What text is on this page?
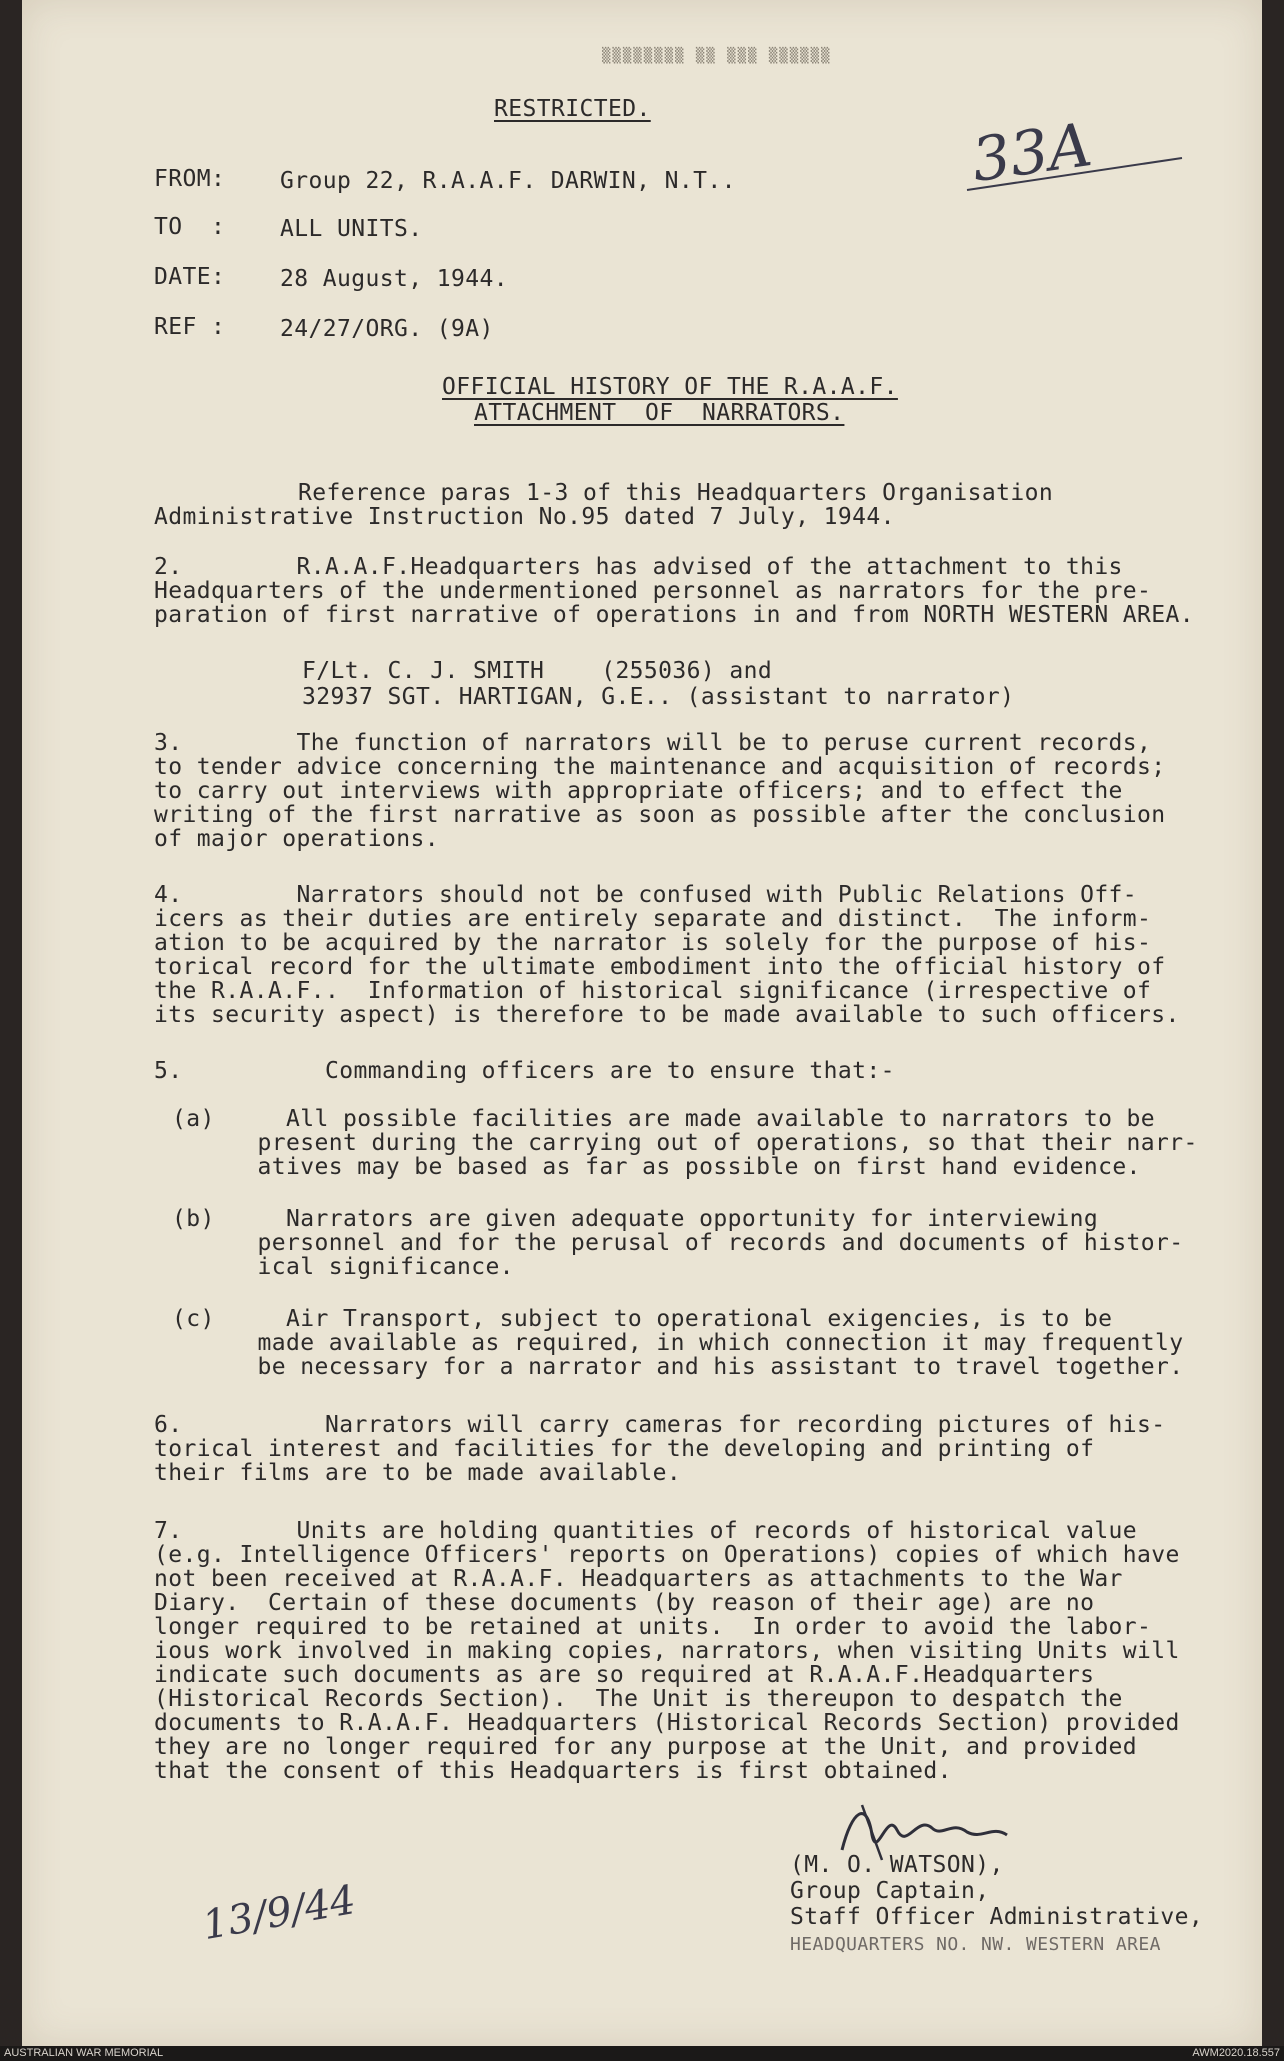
▒▒▒▒▒▒▒▒ ▒▒ ▒▒▒ ▒▒▒▒▒▒
RESTRICTED.
33A
FROM: Group 22, R.A.A.F. DARWIN, N.T..
TO  : ALL UNITS.
DATE: 28 August, 1944.
REF : 24/27/ORG. (9A)
OFFICIAL HISTORY OF THE R.A.A.F.
ATTACHMENT  OF  NARRATORS.
Reference paras 1-3 of this Headquarters Organisation
Administrative Instruction No.95 dated 7 July, 1944.
2.        R.A.A.F.Headquarters has advised of the attachment to this
Headquarters of the undermentioned personnel as narrators for the pre-
paration of first narrative of operations in and from NORTH WESTERN AREA.
F/Lt. C. J. SMITH    (255036) and
32937 SGT. HARTIGAN, G.E.. (assistant to narrator)
3.        The function of narrators will be to peruse current records,
to tender advice concerning the maintenance and acquisition of records;
to carry out interviews with appropriate officers; and to effect the
writing of the first narrative as soon as possible after the conclusion
of major operations.
4.        Narrators should not be confused with Public Relations Off-
icers as their duties are entirely separate and distinct.  The inform-
ation to be acquired by the narrator is solely for the purpose of his-
torical record for the ultimate embodiment into the official history of
the R.A.A.F..  Information of historical significance (irrespective of
its security aspect) is therefore to be made available to such officers.
5.          Commanding officers are to ensure that:-
(a)     All possible facilities are made available to narrators to be
present during the carrying out of operations, so that their narr-
atives may be based as far as possible on first hand evidence.
(b)     Narrators are given adequate opportunity for interviewing
personnel and for the perusal of records and documents of histor-
ical significance.
(c)     Air Transport, subject to operational exigencies, is to be
made available as required, in which connection it may frequently
be necessary for a narrator and his assistant to travel together.
6.          Narrators will carry cameras for recording pictures of his-
torical interest and facilities for the developing and printing of
their films are to be made available.
7.        Units are holding quantities of records of historical value
(e.g. Intelligence Officers' reports on Operations) copies of which have
not been received at R.A.A.F. Headquarters as attachments to the War
Diary.  Certain of these documents (by reason of their age) are no
longer required to be retained at units.  In order to avoid the labor-
ious work involved in making copies, narrators, when visiting Units will
indicate such documents as are so required at R.A.A.F.Headquarters
(Historical Records Section).  The Unit is thereupon to despatch the
documents to R.A.A.F. Headquarters (Historical Records Section) provided
they are no longer required for any purpose at the Unit, and provided
that the consent of this Headquarters is first obtained.
(M. O. WATSON),
Group Captain,
Staff Officer Administrative,
HEADQUARTERS NO. NW. WESTERN AREA
13/9/44
AUSTRALIAN WAR MEMORIAL	AWM2020.18.557
